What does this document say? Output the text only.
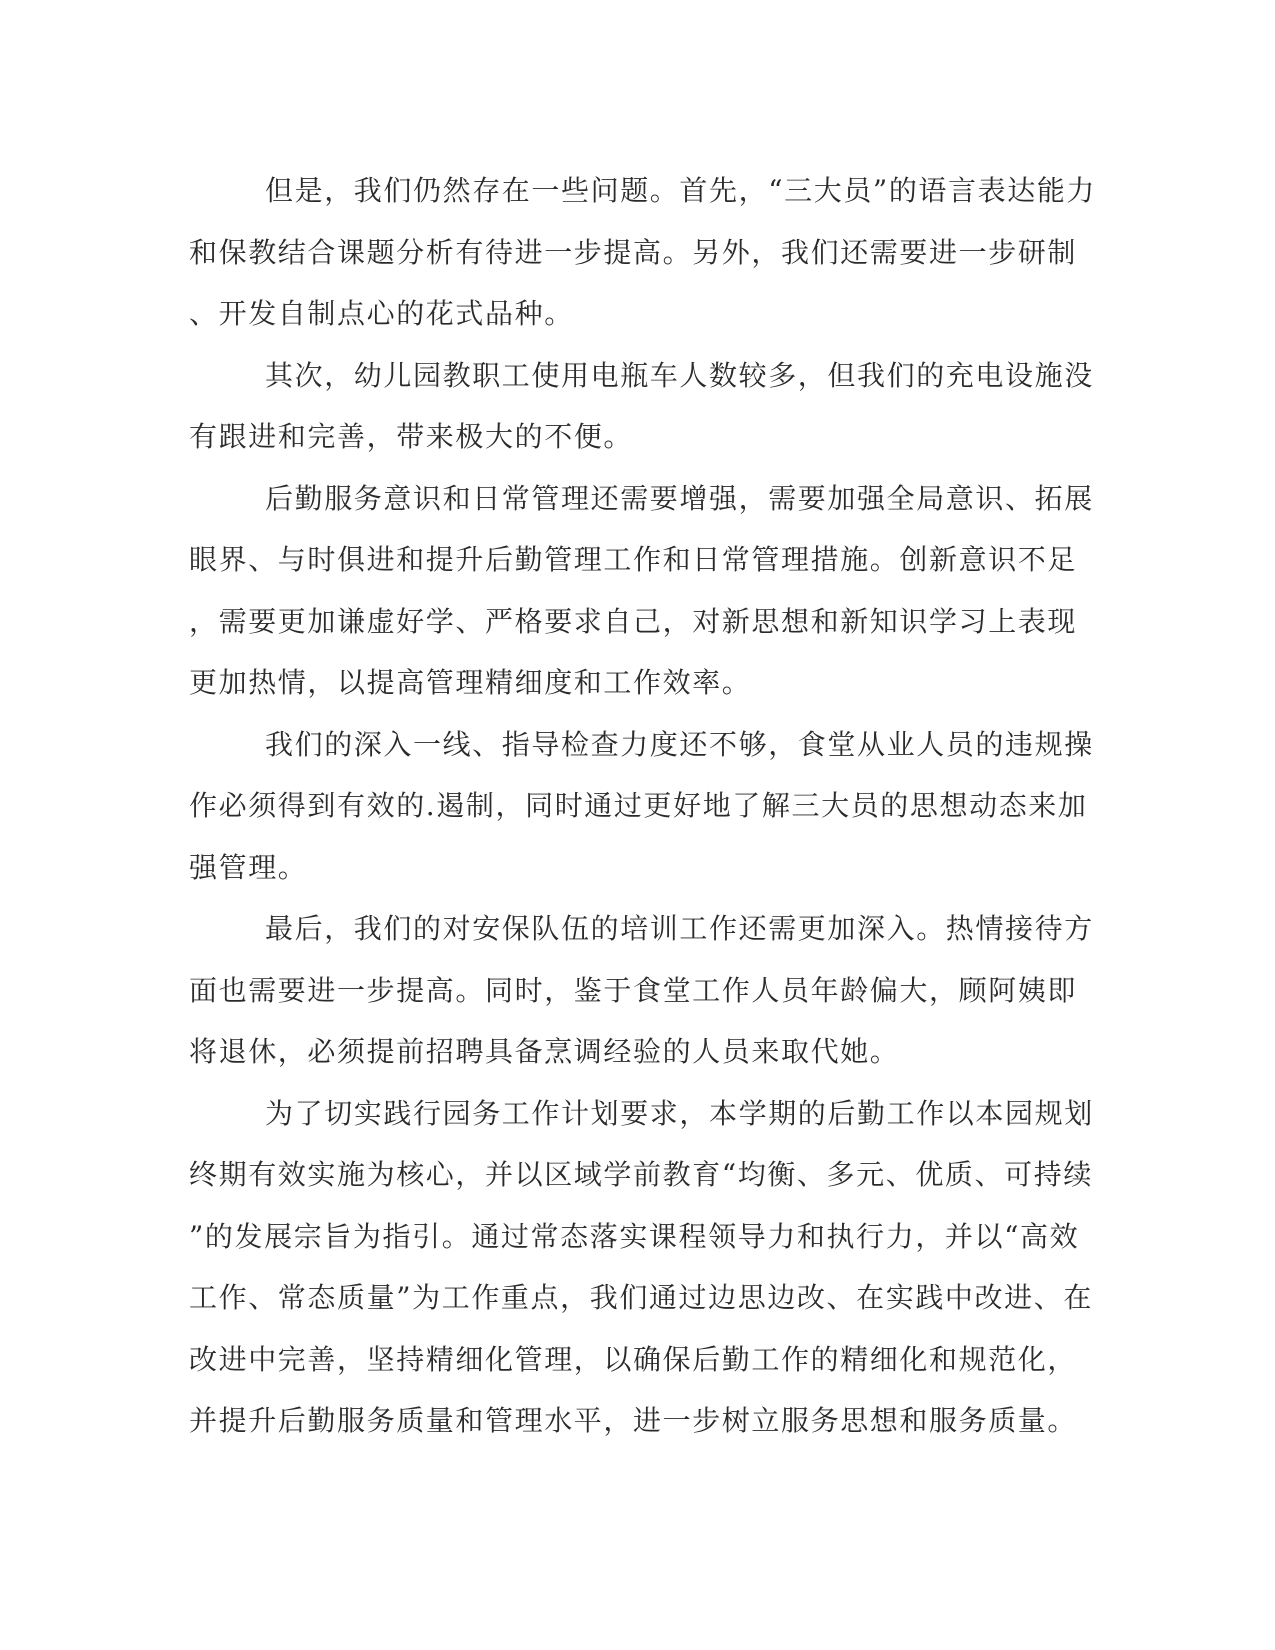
但是，我们仍然存在一些问题。首先，“三大员”的语言表达能力
和保教结合课题分析有待进一步提高。另外，我们还需要进一步研制
、开发自制点心的花式品种。
其次，幼儿园教职工使用电瓶车人数较多，但我们的充电设施没
有跟进和完善，带来极大的不便。
后勤服务意识和日常管理还需要增强，需要加强全局意识、拓展
眼界、与时俱进和提升后勤管理工作和日常管理措施。创新意识不足
，需要更加谦虚好学、严格要求自己，对新思想和新知识学习上表现
更加热情，以提高管理精细度和工作效率。
我们的深入一线、指导检查力度还不够，食堂从业人员的违规操
作必须得到有效的.遏制，同时通过更好地了解三大员的思想动态来加
强管理。
最后，我们的对安保队伍的培训工作还需更加深入。热情接待方
面也需要进一步提高。同时，鉴于食堂工作人员年龄偏大，顾阿姨即
将退休，必须提前招聘具备烹调经验的人员来取代她。
为了切实践行园务工作计划要求，本学期的后勤工作以本园规划
终期有效实施为核心，并以区域学前教育“均衡、多元、优质、可持续
”的发展宗旨为指引。通过常态落实课程领导力和执行力，并以“高效
工作、常态质量”为工作重点，我们通过边思边改、在实践中改进、在
改进中完善，坚持精细化管理，以确保后勤工作的精细化和规范化，
并提升后勤服务质量和管理水平，进一步树立服务思想和服务质量。
